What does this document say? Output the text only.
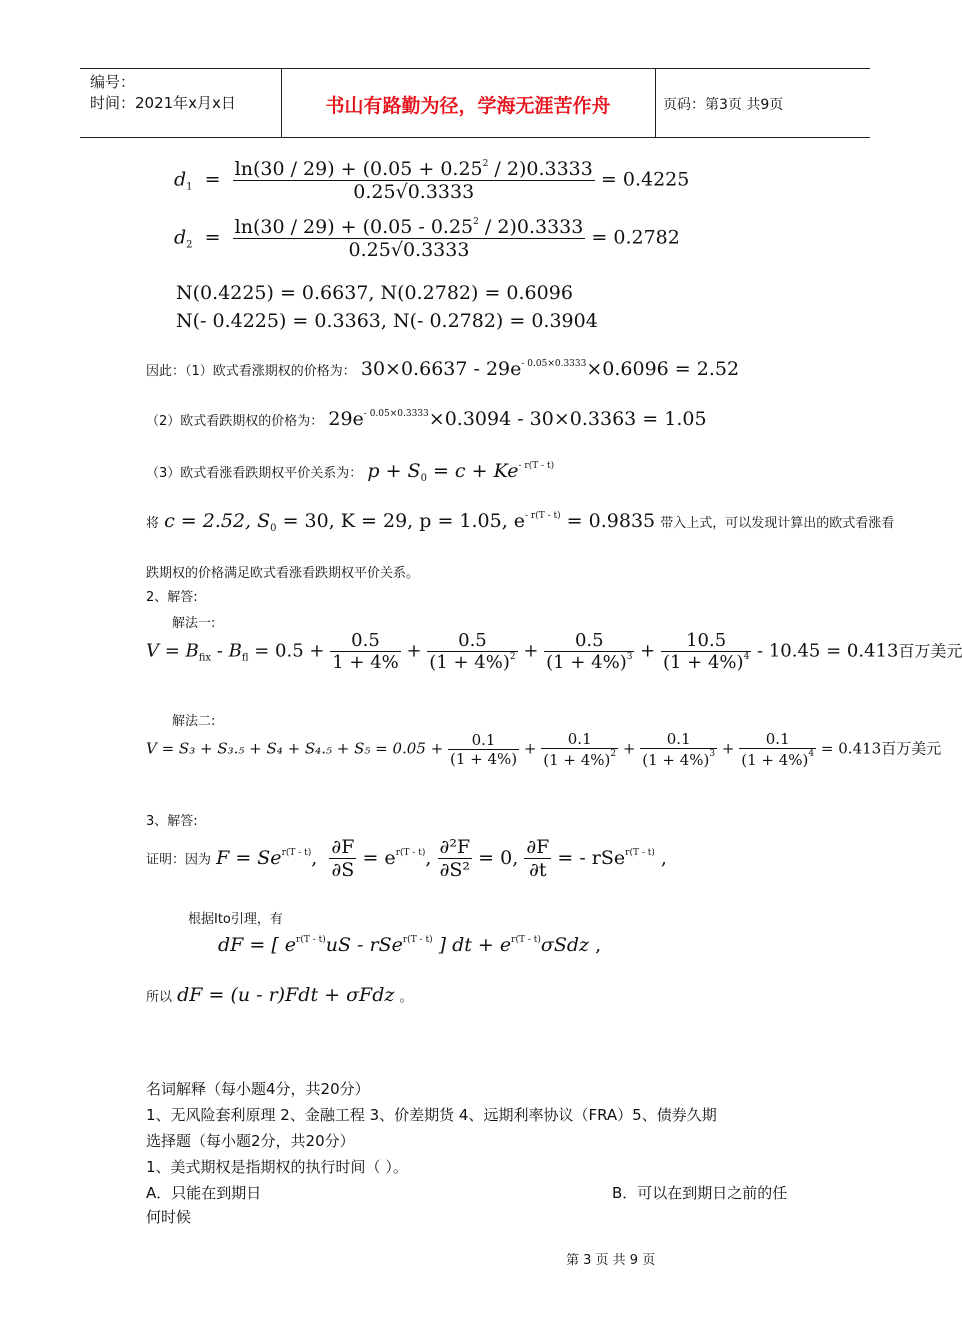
编号：
时间：2021年x月x日	书山有路勤为径，学海无涯苦作舟	页码：第3页 共9页
$d_1 = \frac{\ln(30 / 29) + (0.05 + 0.25^2 / 2)0.3333}{0.25√0.3333} = 0.4225$
$d_2 = \frac{\ln(30 / 29) + (0.05 - 0.25^2 / 2)0.3333}{0.25√0.3333} = 0.2782$
N(0.4225) = 0.6637, N(0.2782) = 0.6096
N(- 0.4225) = 0.3363, N(- 0.2782) = 0.3904
因此：（1）欧式看涨期权的价格为： $30\times 0.6637 - 29e^{- 0.05\times 0.3333}\times 0.6096 = 2.52$
（2）欧式看跌期权的价格为： $29e^{- 0.05\times 0.3333}\times 0.3094 - 30\times 0.3363 = 1.05$
（3）欧式看涨看跌期权平价关系为： $p + S_0 = c + Ke^{- r(T - t)}$
将 c = 2.52, $S_0 = 30$, K = 29, p = 1.05, $e^{- r(T - t)} = 0.9835$ 带入上式，可以发现计算出的欧式看涨看
跌期权的价格满足欧式看涨看跌期权平价关系。
2、解答:
解法一:
$V = B_{fix} - B_{fl} = 0.5 + \frac{0.5}{1 + 4\%} + \frac{0.5}{(1 + 4\%)^2} + \frac{0.5}{(1 + 4\%)^3} + \frac{10.5}{(1 + 4\%)^4} - 10.45 = 0.413$百万美元
解法二:
$V = S_3 + S_3._5 + S_4 + S_4._5 + S_5 = 0.05 + \frac{0.1}{(1 + 4\%)} + \frac{0.1}{(1 + 4\%)^2} + \frac{0.1}{(1 + 4\%)^3} + \frac{0.1}{(1 + 4\%)^4} = 0.413$百万美元
3、解答:
证明：因为 $F = Se^{r(T - t)}$, $\frac{\partial F}{\partial S} = e^{r(T - t)}$, $\frac{\text{∂²F}}{\text{∂S²}} = 0$, $\frac{\partial F}{\partial t}$ = - rSe$^{r(T - t)}$ ,
根据Ito引理，有
dF = [ $e^{r(T - t)}uS - rSe^{r(T - t)}$ ] dt + $e^{r(T - t)}\sigma Sdz$ ,
所以 dF = (u - r)Fdt + σFdz 。
名词解释（每小题4分，共20分）
1、无风险套利原理 2、金融工程 3、价差期货 4、远期利率协议（FRA）5、债券久期
选择题（每小题2分，共20分）
1、美式期权是指期权的执行时间（ ）。
A．只能在到期日	B．可以在到期日之前的任
何时候
第 3 页 共 9 页
